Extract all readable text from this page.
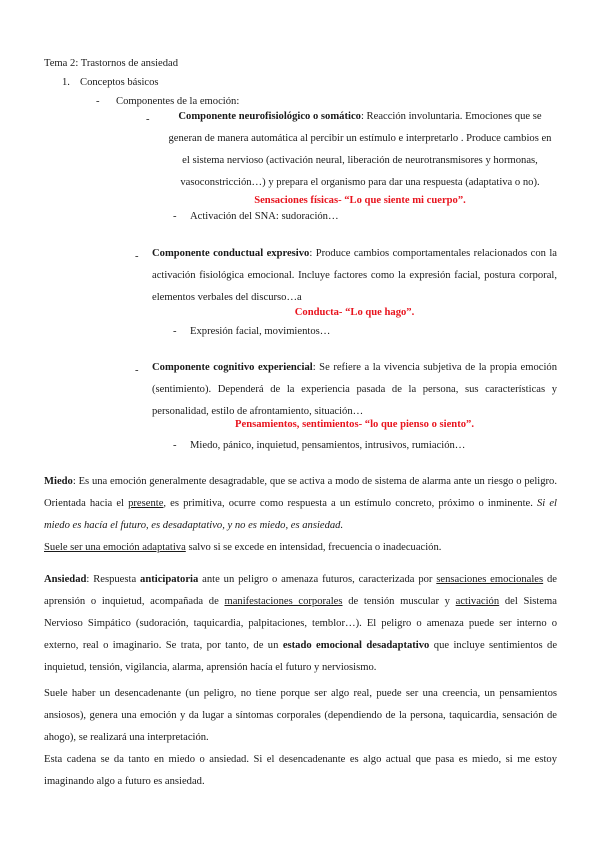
Tema 2: Trastornos de ansiedad
1. Conceptos básicos
- Componentes de la emoción:
-	Componente neurofisiológico o somático: Reacción involuntaria. Emociones que se generan de manera automática al percibir un estímulo e interpretarlo . Produce cambios en el sistema nervioso (activación neural, liberación de neurotransmisores y hormonas, vasoconstricción…) y prepara el organismo para dar una respuesta (adaptativa o no).
Sensaciones físicas- “Lo que siente mi cuerpo”.
- Activación del SNA: sudoración…
- Componente conductual expresivo: Produce cambios comportamentales relacionados con la activación fisiológica emocional. Incluye factores como la expresión facial, postura corporal, elementos verbales del discurso…a
Conducta- “Lo que hago”.
- Expresión facial, movimientos…
- Componente cognitivo experiencial: Se refiere a la vivencia subjetiva de la propia emoción (sentimiento). Dependerá de la experiencia pasada de la persona, sus características y personalidad, estilo de afrontamiento, situación…
Pensamientos, sentimientos- “lo que pienso o siento”.
- Miedo, pánico, inquietud, pensamientos, intrusivos, rumiación…
Miedo: Es una emoción generalmente desagradable, que se activa a modo de sistema de alarma ante un riesgo o peligro. Orientada hacia el presente, es primitiva, ocurre como respuesta a un estímulo concreto, próximo o inminente. Si el miedo es hacía el futuro, es desadaptativo, y no es miedo, es ansiedad.
Suele ser una emoción adaptativa salvo si se excede en intensidad, frecuencia o inadecuación.
Ansiedad: Respuesta anticipatoria ante un peligro o amenaza futuros, caracterizada por sensaciones emocionales de aprensión o inquietud, acompañada de manifestaciones corporales de tensión muscular y activación del Sistema Nervioso Simpático (sudoración, taquicardia, palpitaciones, temblor…). El peligro o amenaza puede ser interno o externo, real o imaginario. Se trata, por tanto, de un estado emocional desadaptativo que incluye sentimientos de inquietud, tensión, vigilancia, alarma, aprensión hacía el futuro y nerviosismo.
Suele haber un desencadenante (un peligro, no tiene porque ser algo real, puede ser una creencia, un pensamientos ansiosos), genera una emoción y da lugar a síntomas corporales (dependiendo de la persona, taquicardia, sensación de ahogo), se realizará una interpretación.
Esta cadena se da tanto en miedo o ansiedad. Si el desencadenante es algo actual que pasa es miedo, si me estoy imaginando algo a futuro es ansiedad.
